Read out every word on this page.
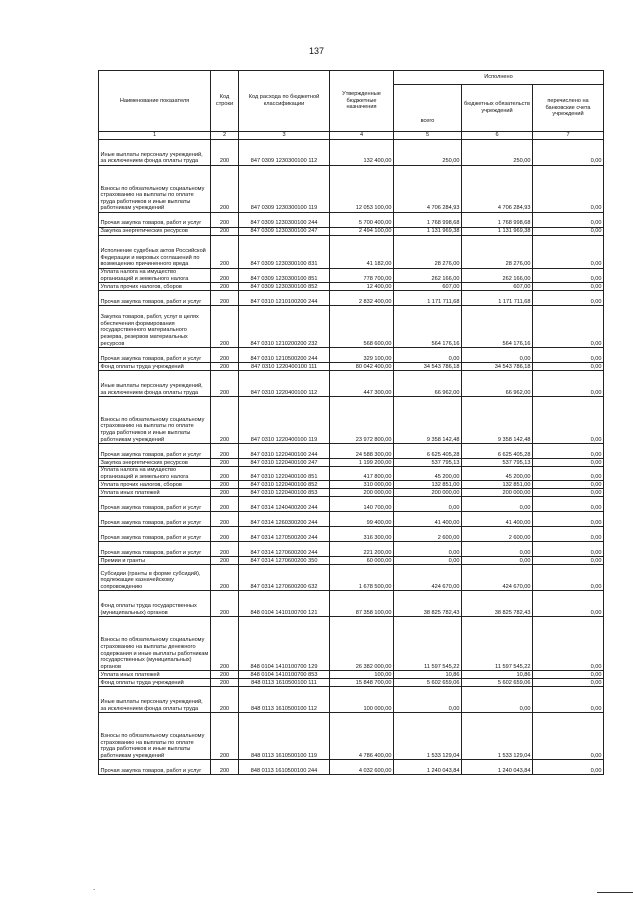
137
Наименование показателя	Код строки	Код расхода по бюджетной классификации	Утвержденные бюджетные назначения	Исполнено		
				всего	бюджетных обязательств учреждений	перечислено на банковские счета учреждений
1	2	3	4	5	6	7
Иные выплаты персоналу учреждений, за исключением фонда оплаты труда	200	847 0309 1230300100 112	132 400,00	250,00	250,00	0,00
Взносы по обязательному социальному страхованию на выплаты по оплате труда работников и иные выплаты работникам учреждений	200	847 0309 1230300100 119	12 053 100,00	4 706 284,93	4 706 284,93	0,00
Прочая закупка товаров, работ и услуг	200	847 0309 1230300100 244	5 700 400,00	1 768 998,68	1 768 998,68	0,00
Закупка энергетических ресурсов	200	847 0309 1230300100 247	2 494 100,00	1 131 969,38	1 131 969,38	0,00
Исполнение судебных актов Российской Федерации и мировых соглашений по возмещению причиненного вреда	200	847 0309 1230300100 831	41 182,00	28 276,00	28 276,00	0,00
Уплата налога на имущество организаций и земельного налога	200	847 0309 1230300100 851	778 700,00	262 166,00	262 166,00	0,00
Уплата прочих налогов, сборов	200	847 0309 1230300100 852	12 400,00	607,00	607,00	0,00
Прочая закупка товаров, работ и услуг	200	847 0310 1210100200 244	2 832 400,00	1 171 711,68	1 171 711,68	0,00
Закупка товаров, работ, услуг в целях обеспечения формирования государственного материального резерва, резервов материальных ресурсов	200	847 0310 1210200200 232	568 600,00	564 176,16	564 176,16	0,00
Прочая закупка товаров, работ и услуг	200	847 0310 1210500200 244	329 100,00	0,00	0,00	0,00
Фонд оплаты труда учреждений	200	847 0310 1220400100 111	80 042 400,00	34 543 786,18	34 543 786,18	0,00
Иные выплаты персоналу учреждений, за исключением фонда оплаты труда	200	847 0310 1220400100 112	447 300,00	66 962,00	66 962,00	0,00
Взносы по обязательному социальному страхованию на выплаты по оплате труда работников и иные выплаты работникам учреждений	200	847 0310 1220400100 119	23 972 800,00	9 358 142,48	9 358 142,48	0,00
Прочая закупка товаров, работ и услуг	200	847 0310 1220400100 244	24 588 300,00	6 625 405,28	6 625 405,28	0,00
Закупка энергетических ресурсов	200	847 0310 1220400100 247	1 199 200,00	537 795,13	537 795,13	0,00
Уплата налога на имущество организаций и земельного налога	200	847 0310 1220400100 851	417 800,00	45 200,00	45 200,00	0,00
Уплата прочих налогов, сборов	200	847 0310 1220400100 852	310 000,00	132 851,00	132 851,00	0,00
Уплата иных платежей	200	847 0310 1220400100 853	200 000,00	200 000,00	200 000,00	0,00
Прочая закупка товаров, работ и услуг	200	847 0314 1240400200 244	140 700,00	0,00	0,00	0,00
Прочая закупка товаров, работ и услуг	200	847 0314 1260300200 244	99 400,00	41 400,00	41 400,00	0,00
Прочая закупка товаров, работ и услуг	200	847 0314 1270500200 244	316 300,00	2 600,00	2 600,00	0,00
Прочая закупка товаров, работ и услуг	200	847 0314 1270600200 244	221 200,00	0,00	0,00	0,00
Премии и гранты	200	847 0314 1270600200 350	60 000,00	0,00	0,00	0,00
Субсидии (гранты в форме субсидий), подлежащие казначейскому сопровождению	200	847 0314 1270600200 632	1 678 500,00	424 670,00	424 670,00	0,00
Фонд оплаты труда государственных (муниципальных) органов	200	848 0104 1410100700 121	87 358 100,00	38 825 782,43	38 825 782,43	0,00
Взносы по обязательному социальному страхованию на выплаты денежного содержания и иные выплаты работникам государственных (муниципальных) органов	200	848 0104 1410100700 129	26 382 000,00	11 597 545,22	11 597 545,22	0,00
Уплата иных платежей	200	848 0104 1410100700 853	100,00	10,86	10,86	0,00
Фонд оплаты труда учреждений	200	848 0113 1610500100 111	15 848 700,00	5 602 659,06	5 602 659,06	0,00
Иные выплаты персоналу учреждений, за исключением фонда оплаты труда	200	848 0113 1610500100 112	100 000,00	0,00	0,00	0,00
Взносы по обязательному социальному страхованию на выплаты по оплате труда работников и иные выплаты работникам учреждений	200	848 0113 1610500100 119	4 786 400,00	1 533 129,04	1 533 129,04	0,00
Прочая закупка товаров, работ и услуг	200	848 0113 1610500100 244	4 032 600,00	1 240 043,84	1 240 043,84	0,00
‧
